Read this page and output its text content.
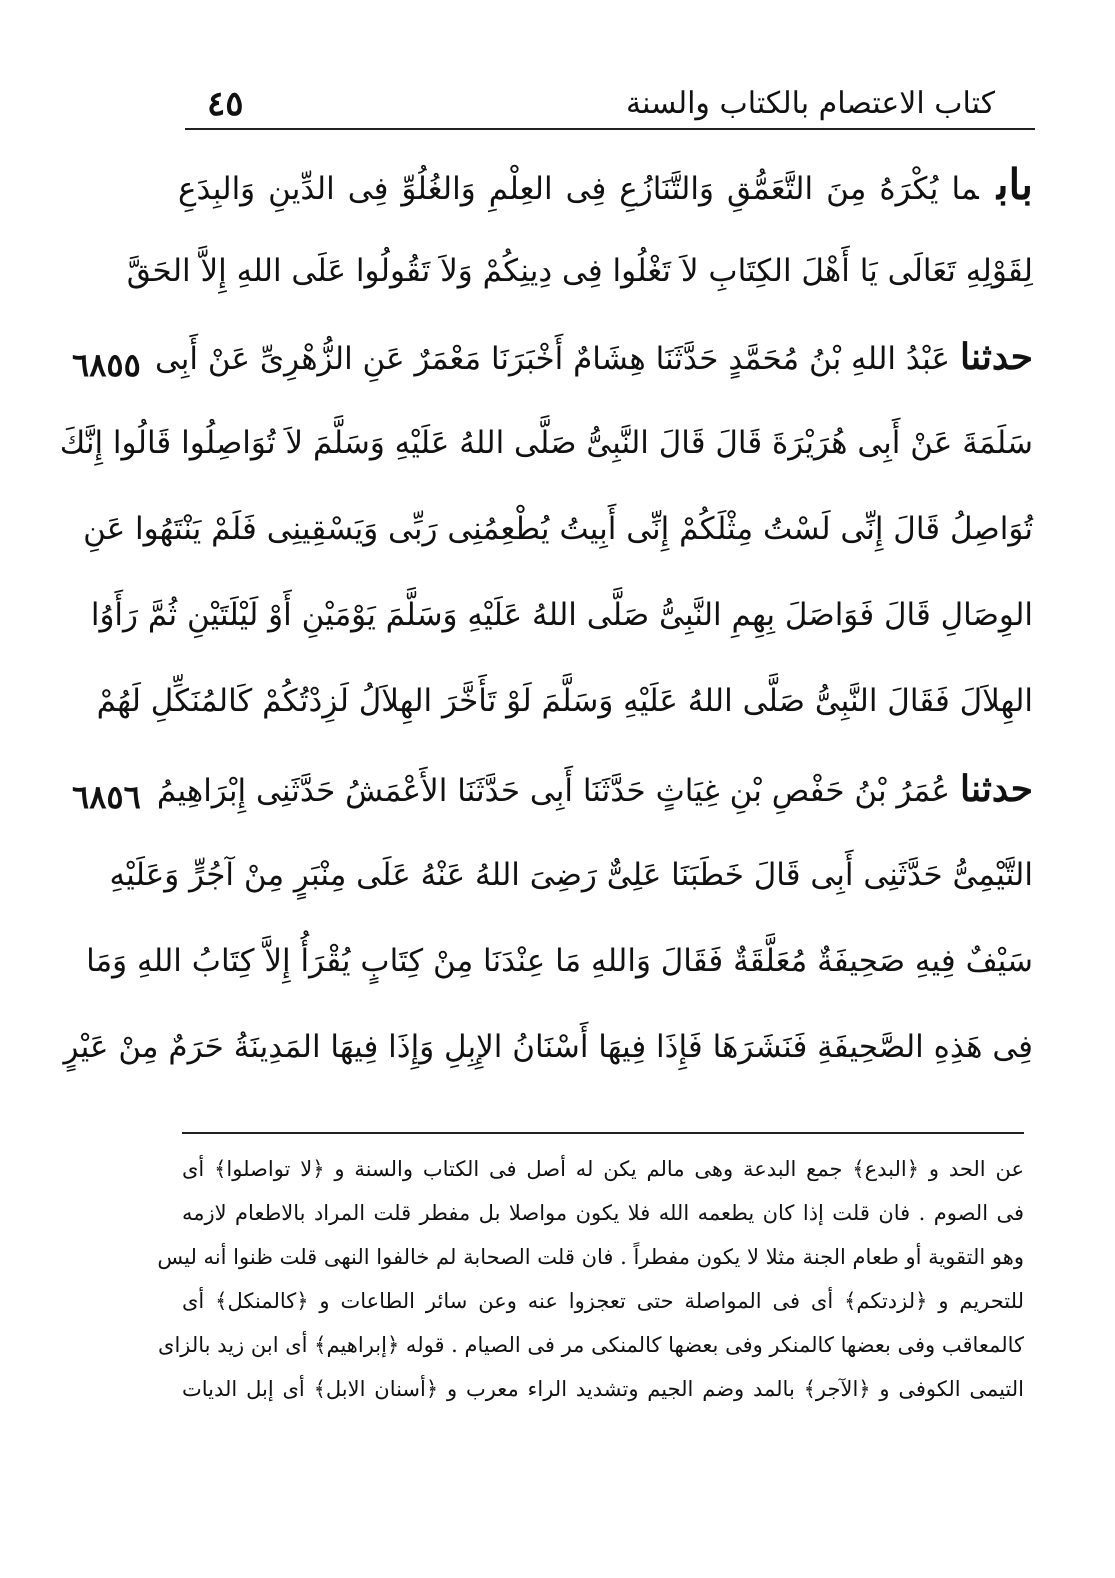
كتاب الاعتصام بالكتاب والسنة
٤٥
بابما يُكْرَهُ مِنَ التَّعَمُّقِ وَالتَّنَازُعِ فِى العِلْمِ وَالغُلُوِّ فِى الدِّينِ وَالبِدَعِ
لِقَوْلِهِ تَعَالَى يَا أَهْلَ الكِتَابِ لاَ تَغْلُوا فِى دِينِكُمْ وَلاَ تَقُولُوا عَلَى اللهِ إِلاَّ الحَقَّ
حدثناعَبْدُ اللهِ بْنُ مُحَمَّدٍ حَدَّثَنَا هِشَامٌ أَخْبَرَنَا مَعْمَرٌ عَنِ الزُّهْرِىِّ عَنْ أَبِى
سَلَمَةَ عَنْ أَبِى هُرَيْرَةَ قَالَ قَالَ النَّبِىُّ صَلَّى اللهُ عَلَيْهِ وَسَلَّمَ لاَ تُوَاصِلُوا قَالُوا إِنَّكَ
تُوَاصِلُ قَالَ إِنِّى لَسْتُ مِثْلَكُمْ إِنِّى أَبِيتُ يُطْعِمُنِى رَبِّى وَيَسْقِينِى فَلَمْ يَنْتَهُوا عَنِ
الوِصَالِ قَالَ فَوَاصَلَ بِهِمِ النَّبِىُّ صَلَّى اللهُ عَلَيْهِ وَسَلَّمَ يَوْمَيْنِ أَوْ لَيْلَتَيْنِ ثُمَّ رَأَوُا
الهِلاَلَ فَقَالَ النَّبِىُّ صَلَّى اللهُ عَلَيْهِ وَسَلَّمَ لَوْ تَأَخَّرَ الهِلاَلُ لَزِدْتُكُمْ كَالمُنَكِّلِ لَهُمْ
حدثناعُمَرُ بْنُ حَفْصِ بْنِ غِيَاثٍ حَدَّثَنَا أَبِى حَدَّثَنَا الأَعْمَشُ حَدَّثَنِى إِبْرَاهِيمُ
التَّيْمِىُّ حَدَّثَنِى أَبِى قَالَ خَطَبَنَا عَلِىٌّ رَضِىَ اللهُ عَنْهُ عَلَى مِنْبَرٍ مِنْ آجُرٍّ وَعَلَيْهِ
سَيْفٌ فِيهِ صَحِيفَةٌ مُعَلَّقَةٌ فَقَالَ وَاللهِ مَا عِنْدَنَا مِنْ كِتَابٍ يُقْرَأُ إِلاَّ كِتَابُ اللهِ وَمَا
فِى هَذِهِ الصَّحِيفَةِ فَنَشَرَهَا فَإِذَا فِيهَا أَسْنَانُ الإِبِلِ وَإِذَا فِيهَا المَدِينَةُ حَرَمٌ مِنْ عَيْرٍ
٦٨٥٥
٦٨٥٦
عن الحد و ﴿البدع﴾ جمع البدعة وهى مالم يكن له أصل فى الكتاب والسنة و ﴿لا تواصلوا﴾ أى
فى الصوم . فان قلت إذا كان يطعمه الله فلا يكون مواصلا بل مفطر قلت المراد بالاطعام لازمه
وهو التقوية أو طعام الجنة مثلا لا يكون مفطراً . فان قلت الصحابة لم خالفوا النهى قلت ظنوا أنه ليس
للتحريم و ﴿لزدتكم﴾ أى فى المواصلة حتى تعجزوا عنه وعن سائر الطاعات و ﴿كالمنكل﴾ أى
كالمعاقب وفى بعضها كالمنكر وفى بعضها كالمنكى مر فى الصيام . قوله ﴿إبراهيم﴾ أى ابن زيد بالزاى
التيمى الكوفى و ﴿الآجر﴾ بالمد وضم الجيم وتشديد الراء معرب و ﴿أسنان الابل﴾ أى إبل الديات
